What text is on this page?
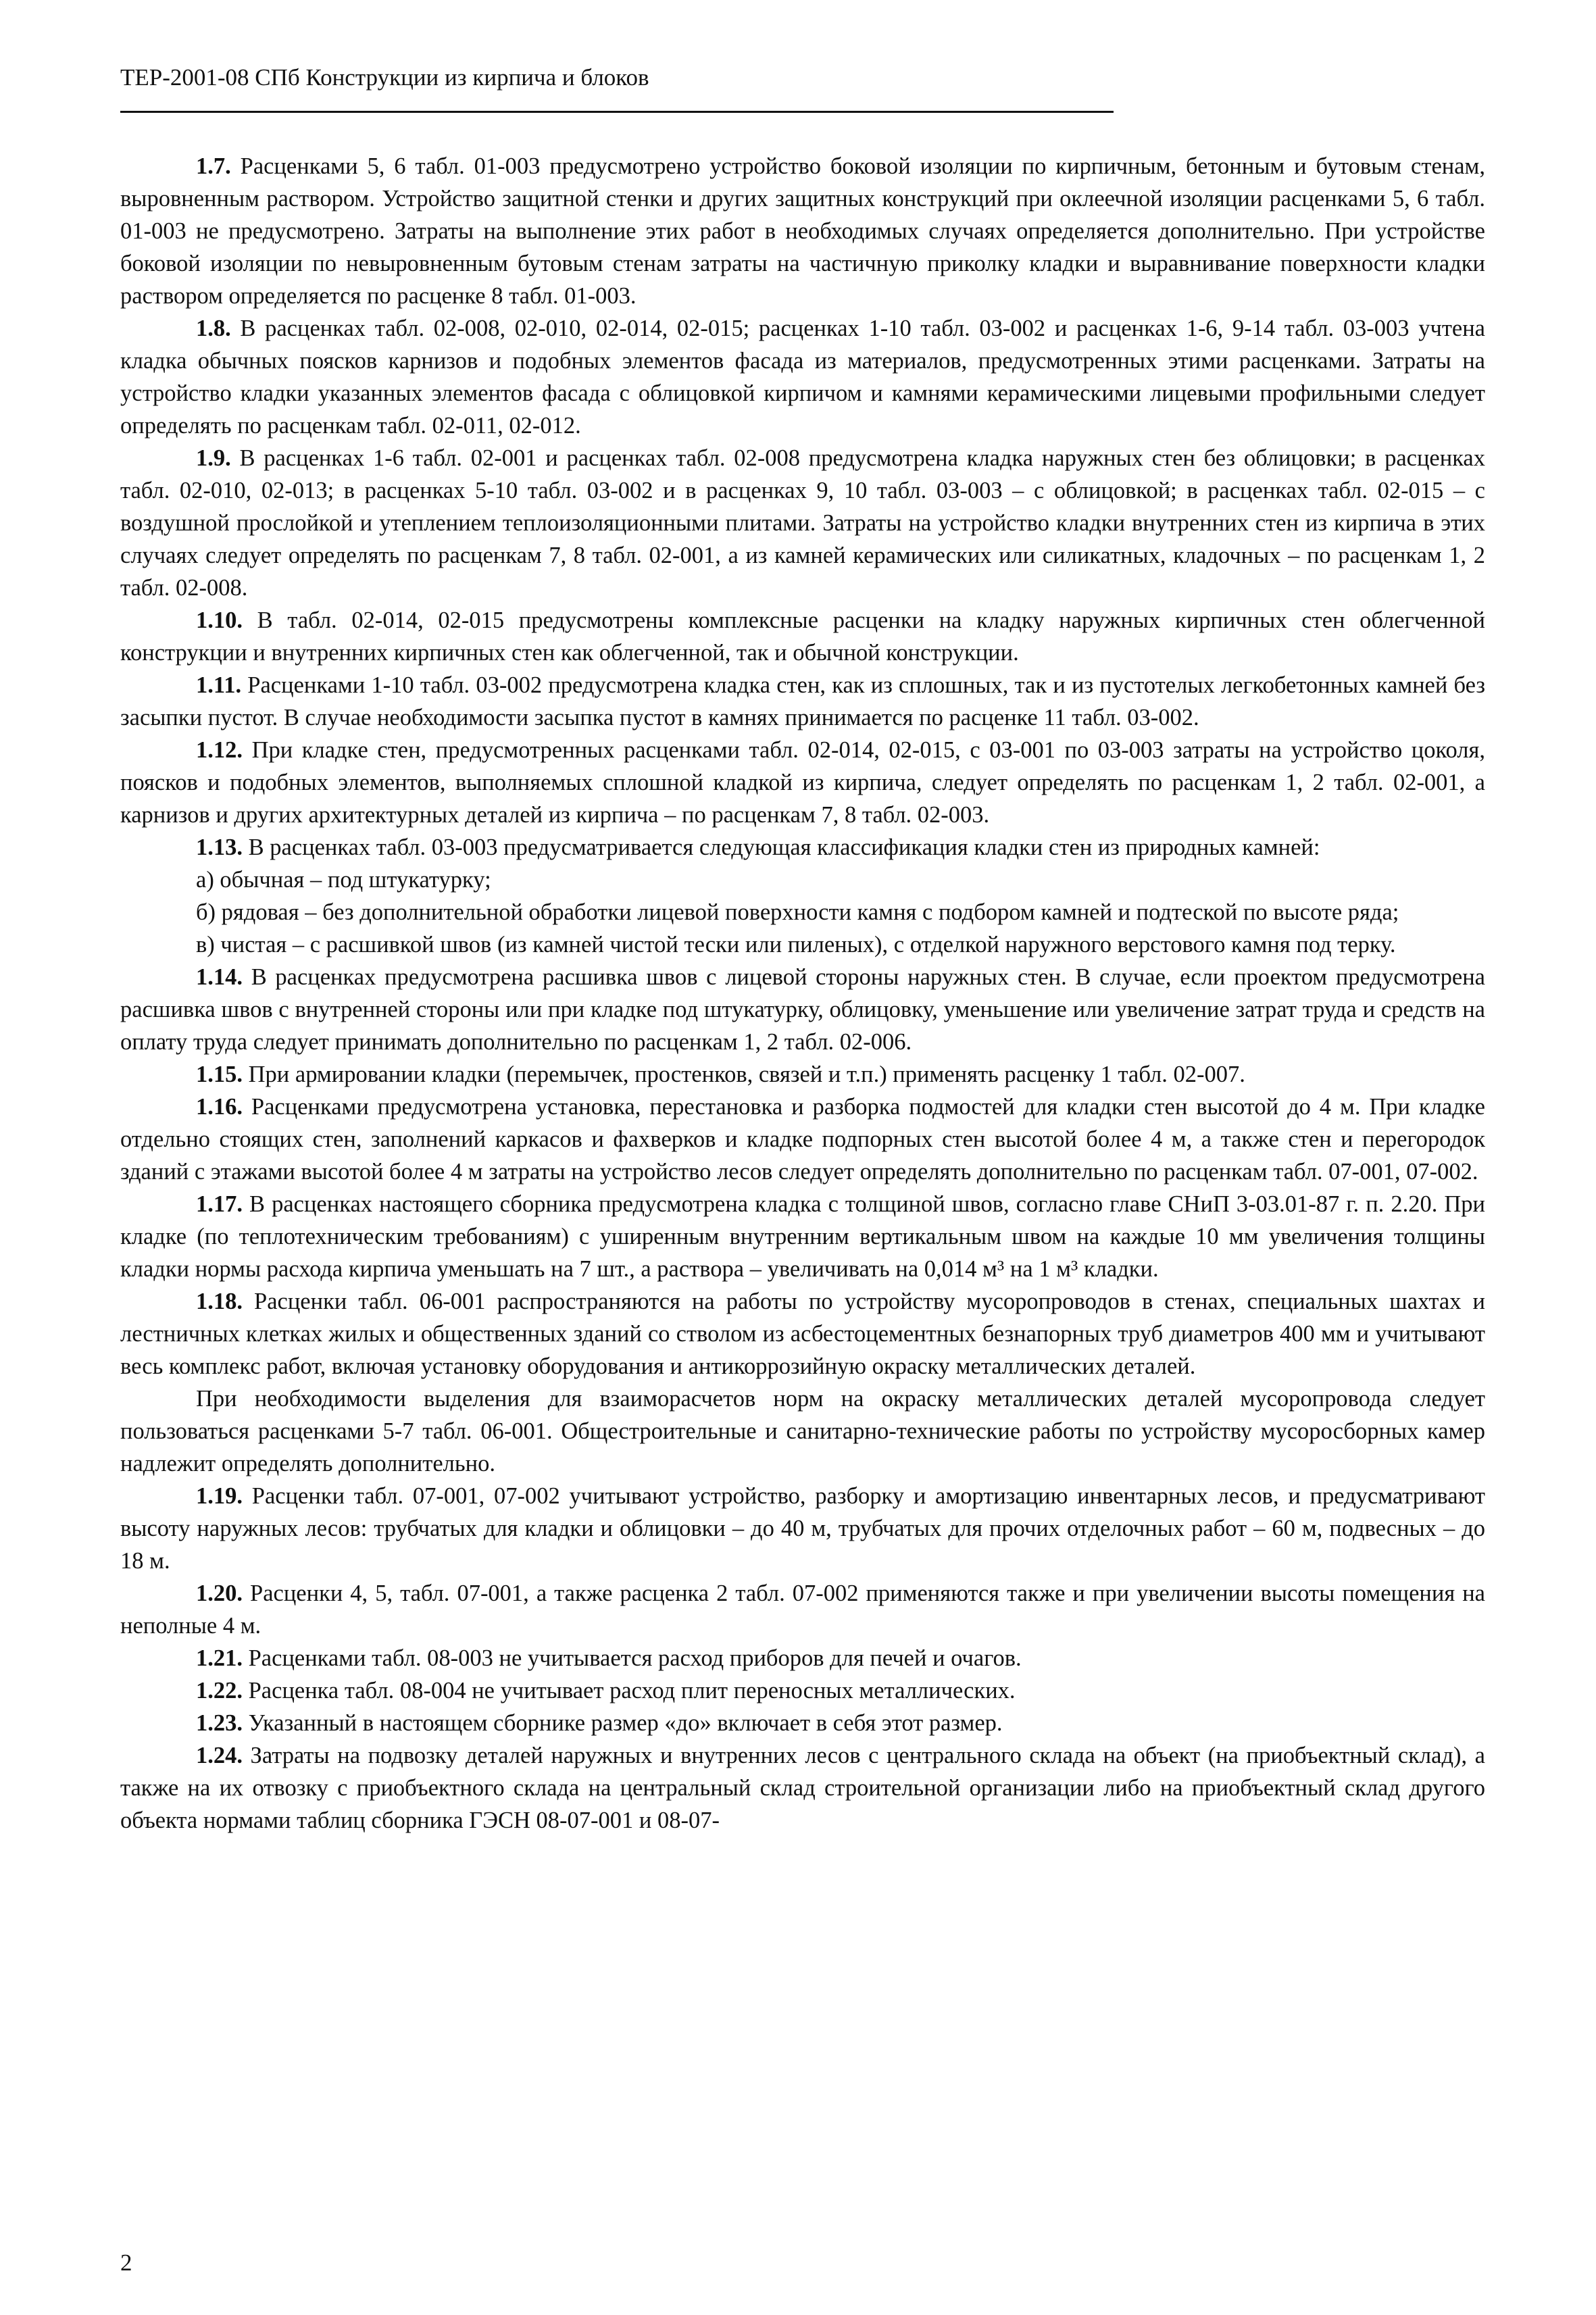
ТЕР-2001-08 СПб Конструкции из кирпича и блоков

1.7. Расценками 5, 6 табл. 01-003 предусмотрено устройство боковой изоляции по кирпичным, бетонным и бутовым стенам, выровненным раствором. Устройство защитной стенки и других защитных конструкций при оклеечной изоляции расценками 5, 6 табл. 01-003 не предусмотрено. Затраты на выполнение этих работ в необходимых случаях определяется дополнительно. При устройстве боковой изоляции по невыровненным бутовым стенам затраты на частичную приколку кладки и выравнивание поверхности кладки раствором определяется по расценке 8 табл. 01-003.

1.8. В расценках табл. 02-008, 02-010, 02-014, 02-015; расценках 1-10 табл. 03-002 и расценках 1-6, 9-14 табл. 03-003 учтена кладка обычных поясков карнизов и подобных элементов фасада из материалов, предусмотренных этими расценками. Затраты на устройство кладки указанных элементов фасада с облицовкой кирпичом и камнями керамическими лицевыми профильными следует определять по расценкам табл. 02-011, 02-012.

1.9. В расценках 1-6 табл. 02-001 и расценках табл. 02-008 предусмотрена кладка наружных стен без облицовки; в расценках табл. 02-010, 02-013; в расценках 5-10 табл. 03-002 и в расценках 9, 10 табл. 03-003 – с облицовкой; в расценках табл. 02-015 – с воздушной прослойкой и утеплением теплоизоляционными плитами. Затраты на устройство кладки внутренних стен из кирпича в этих случаях следует определять по расценкам 7, 8 табл. 02-001, а из камней керамических или силикатных, кладочных – по расценкам 1, 2 табл. 02-008.

1.10. В табл. 02-014, 02-015 предусмотрены комплексные расценки на кладку наружных кирпичных стен облегченной конструкции и внутренних кирпичных стен как облегченной, так и обычной конструкции.

1.11. Расценками 1-10 табл. 03-002 предусмотрена кладка стен, как из сплошных, так и из пустотелых легкобетонных камней без засыпки пустот. В случае необходимости засыпка пустот в камнях принимается по расценке 11 табл. 03-002.

1.12. При кладке стен, предусмотренных расценками табл. 02-014, 02-015, с 03-001 по 03-003 затраты на устройство цоколя, поясков и подобных элементов, выполняемых сплошной кладкой из кирпича, следует определять по расценкам 1, 2 табл. 02-001, а карнизов и других архитектурных деталей из кирпича – по расценкам 7, 8 табл. 02-003.

1.13. В расценках табл. 03-003 предусматривается следующая классификация кладки стен из природных камней:

а) обычная – под штукатурку;

б) рядовая – без дополнительной обработки лицевой поверхности камня с подбором камней и подтеской по высоте ряда;

в) чистая – с расшивкой швов (из камней чистой тески или пиленых), с отделкой наружного верстового камня под терку.

1.14. В расценках предусмотрена расшивка швов с лицевой стороны наружных стен. В случае, если проектом предусмотрена расшивка швов с внутренней стороны или при кладке под штукатурку, облицовку, уменьшение или увеличение затрат труда и средств на оплату труда следует принимать дополнительно по расценкам 1, 2 табл. 02-006.

1.15. При армировании кладки (перемычек, простенков, связей и т.п.) применять расценку 1 табл. 02-007.

1.16. Расценками предусмотрена установка, перестановка и разборка подмостей для кладки стен высотой до 4 м. При кладке отдельно стоящих стен, заполнений каркасов и фахверков и кладке подпорных стен высотой более 4 м, а также стен и перегородок зданий с этажами высотой более 4 м затраты на устройство лесов следует определять дополнительно по расценкам табл. 07-001, 07-002.

1.17. В расценках настоящего сборника предусмотрена кладка с толщиной швов, согласно главе СНиП 3-03.01-87 г. п. 2.20. При кладке (по теплотехническим требованиям) с уширенным внутренним вертикальным швом на каждые 10 мм увеличения толщины кладки нормы расхода кирпича уменьшать на 7 шт., а раствора – увеличивать на 0,014 м³ на 1 м³ кладки.

1.18. Расценки табл. 06-001 распространяются на работы по устройству мусоропроводов в стенах, специальных шахтах и лестничных клетках жилых и общественных зданий со стволом из асбестоцементных безнапорных труб диаметров 400 мм и учитывают весь комплекс работ, включая установку оборудования и антикоррозийную окраску металлических деталей.

При необходимости выделения для взаиморасчетов норм на окраску металлических деталей мусоропровода следует пользоваться расценками 5-7 табл. 06-001. Общестроительные и санитарно-технические работы по устройству мусоросборных камер надлежит определять дополнительно.

1.19. Расценки табл. 07-001, 07-002 учитывают устройство, разборку и амортизацию инвентарных лесов, и предусматривают высоту наружных лесов: трубчатых для кладки и облицовки – до 40 м, трубчатых для прочих отделочных работ – 60 м, подвесных – до 18 м.

1.20. Расценки 4, 5, табл. 07-001, а также расценка 2 табл. 07-002 применяются также и при увеличении высоты помещения на неполные 4 м.

1.21. Расценками табл. 08-003 не учитывается расход приборов для печей и очагов.

1.22. Расценка табл. 08-004 не учитывает расход плит переносных металлических.

1.23. Указанный в настоящем сборнике размер «до» включает в себя этот размер.

1.24. Затраты на подвозку деталей наружных и внутренних лесов с центрального склада на объект (на приобъектный склад), а также на их отвозку с приобъектного склада на центральный склад строительной организации либо на приобъектный склад другого объекта нормами таблиц сборника ГЭСН 08-07-001 и 08-07-

2
